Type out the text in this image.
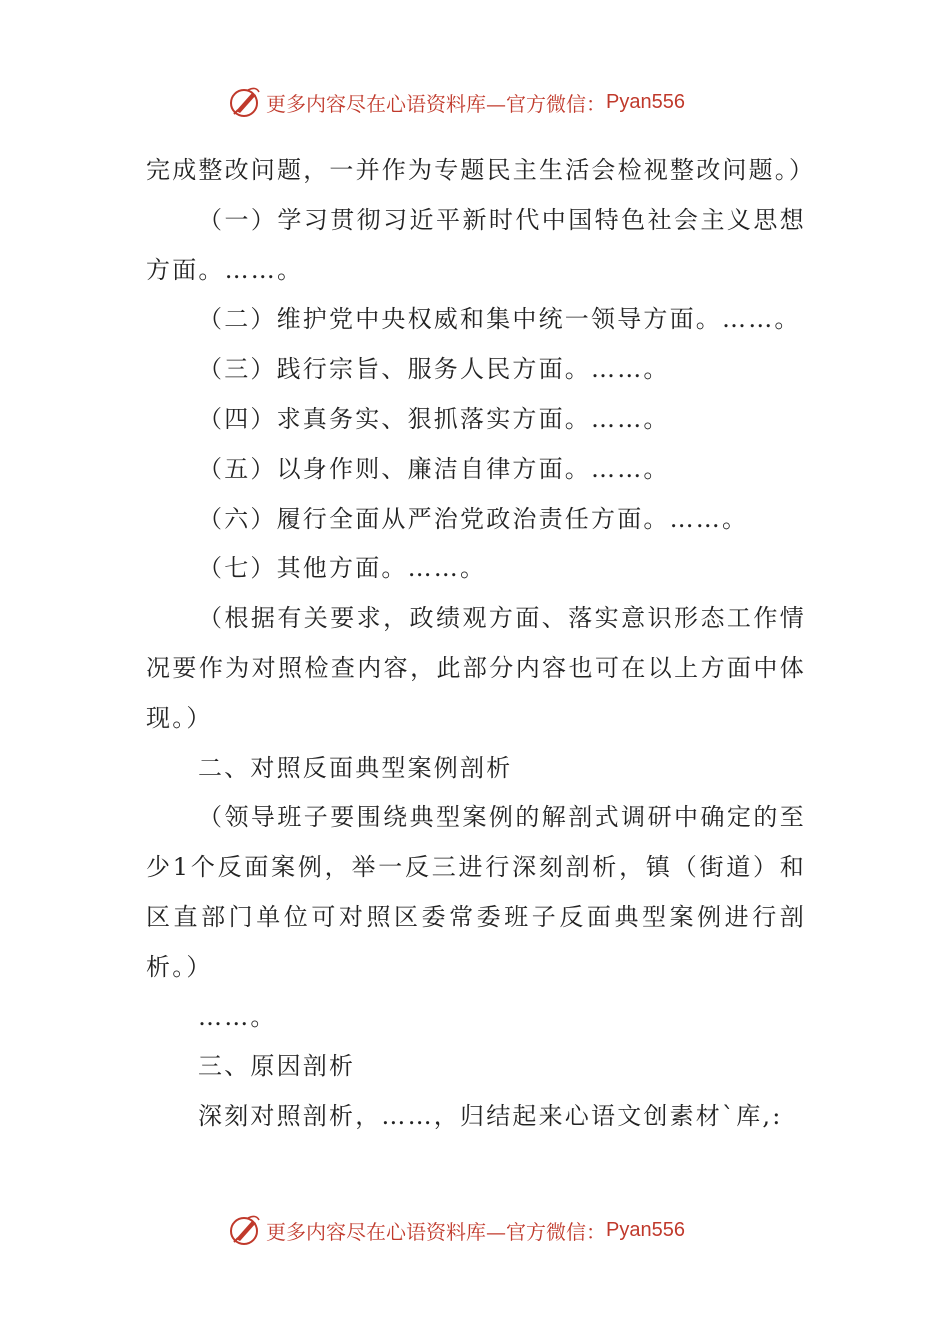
更多内容尽在心语资料库—官方微信： Pyan556

完成整改问题，一并作为专题民主生活会检视整改问题。）

（一）学习贯彻习近平新时代中国特色社会主义思想方面。……。

（二）维护党中央权威和集中统一领导方面。……。

（三）践行宗旨、服务人民方面。……。

（四）求真务实、狠抓落实方面。……。

（五）以身作则、廉洁自律方面。……。

（六）履行全面从严治党政治责任方面。……。

（七）其他方面。……。

（根据有关要求，政绩观方面、落实意识形态工作情况要作为对照检查内容，此部分内容也可在以上方面中体现。）

二、对照反面典型案例剖析

（领导班子要围绕典型案例的解剖式调研中确定的至少1个反面案例，举一反三进行深刻剖析，镇（街道）和区直部门单位可对照区委常委班子反面典型案例进行剖析。）

……。

三、原因剖析

深刻对照剖析，……，归结起来心语文创素材`库,:

更多内容尽在心语资料库—官方微信： Pyan556
